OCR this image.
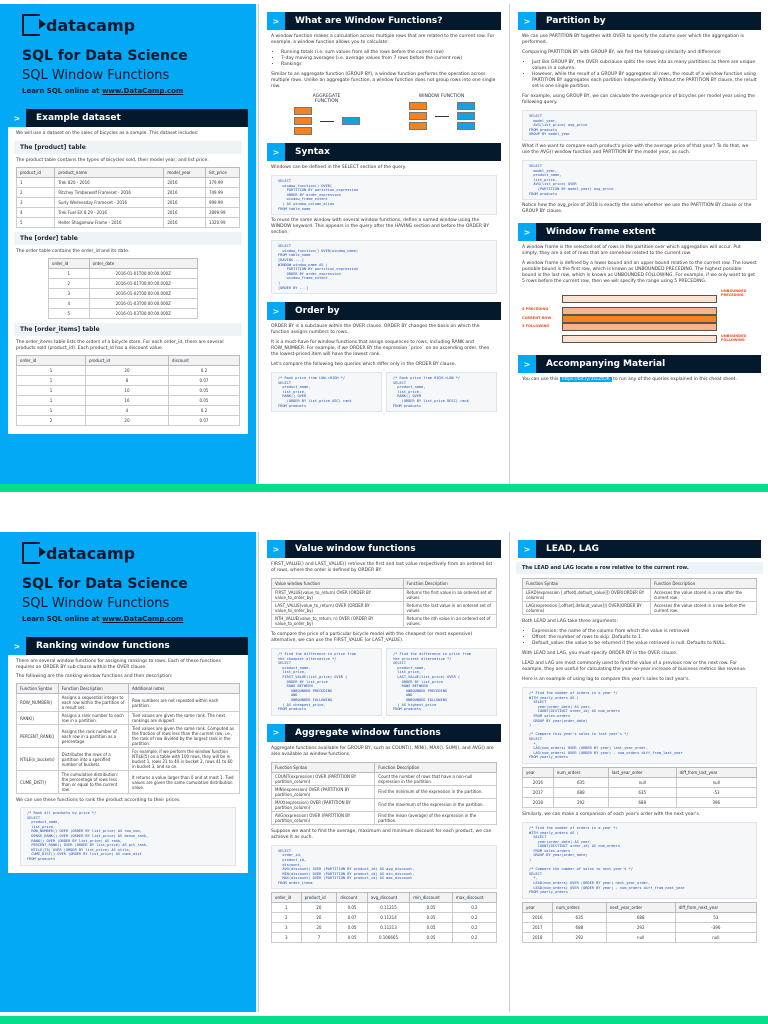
datacamp
SQL for Data Science
SQL Window Functions
Learn SQL online at www.DataCamp.com
>	Example dataset

We will use a dataset on the sales of bicycles as a sample. This dataset includes:

The [product] table

The product table contains the types of bicycles sold, their model year, and list price.

product_id	product_name	model_year	list_price
1	Trek 820 - 2016	2016	379.99
2	Ritchey Timberwolf Frameset - 2016	2016	749.99
3	Surly Wednesday Frameset - 2016	2016	999.99
4	Trek Fuel EX 8 29 - 2016	2016	2899.99
5	Heller Shagamaw Frame - 2016	2016	1320.99
The [order] table

The order table contains the order_id and its date.

order_id	order_date
1	2016-01-01T00:00:00.000Z
2	2016-01-01T00:00:00.000Z
3	2016-01-02T00:00:00.000Z
4	2016-01-03T00:00:00.000Z
5	2016-01-03T00:00:00.000Z
The [order_items] table

The order_items table lists the orders of a bicycle store. For each order_id, there are several products sold (product_id). Each product_id has a discount value.

order_id	product_id	discount
1	20	0.2
1	8	0.07
1	10	0.05
1	16	0.05
1	4	0.2
2	20	0.07
>	What are Window Functions?

A window function makes a calculation across multiple rows that are related to the current row. For example, a window function allows you to calculate:

• Running totals (i.e. sum values from all the rows before the current row)
• 7-day moving averages (i.e. average values from 7 rows before the current row)
• Rankings

Similar to an aggregate function (GROUP BY), a window function performs the operation across multiple rows. Unlike an aggregate function, a window function does not group rows into one single row.

AGGREGATE FUNCTION
WINDOW FUNCTION
>	Syntax

Windows can be defined in the SELECT section of the query.

SELECT
window_function() OVER(
PARTITION BY partition_expression
ORDER BY order_expression
window_frame_extent
) AS window_column_alias
FROM table_name

To reuse the same window with several window functions, define a named window using the WINDOW keyword. This appears in the query after the HAVING section and before the ORDER BY section.

SELECT
window_function() OVER(window_name)
FROM table_name
[HAVING ...]
WINDOW window_name AS (
PARTITION BY partition_expression
ORDER BY order_expression
window_frame_extent
)
[ORDER BY ...]
>	Order by

ORDER BY is a subclause within the OVER clause. ORDER BY changes the basis on which the function assigns numbers to rows.

It is a must-have for window functions that assign sequences to rows, including RANK and ROW_NUMBER. For example, if we ORDER BY the expression `price` on an ascending order, then the lowest-priced item will have the lowest rank.

Let's compare the following two queries which differ only in the ORDER BY clause.

/* Rank price from LOW->HIGH */
SELECT
product_name,
list_price,
RANK() OVER
(ORDER BY list_price ASC) rank
FROM products
/* Rank price from HIGH->LOW */
SELECT
product_name,
list_price,
RANK() OVER
(ORDER BY list_price DESC) rank
FROM products
>	Partition by

We can use PARTITION BY together with OVER to specify the column over which the aggregation is performed.

Comparing PARTITION BY with GROUP BY, we find the following similarity and difference:

• Just like GROUP BY, the OVER subclause splits the rows into as many partitions as there are unique values in a column.
• However, while the result of a GROUP BY aggregates all rows, the result of a window function using PARTITION BY aggregates each partition independently. Without the PARTITION BY clause, the result set is one single partition.

For example, using GROUP BY, we can calculate the average price of bicycles per model year using the following query.

SELECT
model_year,
AVG(list_price) avg_price
FROM products
GROUP BY model_year

What if we want to compare each product's price with the average price of that year? To do that, we use the AVG() window function and PARTITION BY the model year, as such.

SELECT
model_year,
product_name,
list_price,
AVG(list_price) OVER
(PARTITION BY model_year) avg_price
FROM products

Notice how the avg_price of 2018 is exactly the same whether we use the PARTITION BY clause or the GROUP BY clause.

>	Window frame extent

A window frame is the selected set of rows in the partition over which aggregation will occur. Put simply, they are a set of rows that are somehow related to the current row.

A window frame is defined by a lower bound and an upper bound relative to the current row. The lowest possible bound is the first row, which is known as UNBOUNDED PRECEDING. The highest possible bound is the last row, which is known as UNBOUNDED FOLLOWING. For example, if we only want to get 5 rows before the current row, then we will specify the range using 5 PRECEDING.

UNBOUNDED PRECEDING
5 PRECEDING
CURRENT ROW
5 FOLLOWING
UNBOUNDED FOLLOWING
>	Accompanying Material

You can use this https://bit.ly/3scZtOK to run any of the queries explained in this cheat sheet.

datacamp
SQL for Data Science
SQL Window Functions
Learn SQL online at www.DataCamp.com
>	Ranking window functions

There are several window functions for assigning rankings to rows. Each of these functions requires an ORDER BY sub-clause within the OVER clause.

The following are the ranking window functions and their description:

Function Syntax	Function Description	Additional notes
ROW_NUMBER()	Assigns a sequential integer to each row within the partition of a result set.	Row numbers are not repeated within each partition.
RANK()	Assigns a rank number to each row in a partition.	Tied values are given the same rank. The next rankings are skipped.
PERCENT_RANK()	Assigns the rank number of each row in a partition as a percentage.	Tied values are given the same rank. Computed as the fraction of rows less than the current row, i.e., the rank of row divided by the largest rank in the partition.
NTILE(n_buckets)	Distributes the rows of a partition into a specified number of buckets.	For example, if we perform the window function NTILE(5) on a table with 100 rows, they will be in bucket 1, rows 21 to 40 in bucket 2, rows 41 to 60 in bucket 3, and so on.
CUME_DIST()	The cumulative distribution: the percentage of rows less than or equal to the current row.	It returns a value larger than 0 and at most 1. Tied values are given the same cumulative distribution value.

We can use these functions to rank the product according to their prices.

/* Rank all products by price */
SELECT
product_name,
list_price,
ROW_NUMBER() OVER (ORDER BY list_price) AS row_num,
DENSE_RANK() OVER (ORDER BY list_price) AS dense_rank,
RANK() OVER (ORDER BY list_price) AS rank,
PERCENT_RANK() OVER (ORDER BY list_price) AS pct_rank,
NTILE(75) OVER (ORDER BY list_price) AS ntile,
CUME_DIST() OVER (ORDER BY list_price) AS cume_dist
FROM products
>	Value window functions

FIRST_VALUE() and LAST_VALUE() retrieve the first and last value respectively from an ordered list of rows, where the order is defined by ORDER BY.

Value window function	Function Description
FIRST_VALUE(value_to_return) OVER (ORDER BY value_to_order_by)	Returns the first value in an ordered set of values
LAST_VALUE(value_to_return) OVER (ORDER BY value_to_order_by)	Returns the last value in an ordered set of values
NTH_VALUE(value_to_return, n) OVER (ORDER BY value_to_order_by)	Returns the nth value in an ordered set of values.

To compare the price of a particular bicycle model with the cheapest (or most expensive) alternative, we can use the FIRST_VALUE (or LAST_VALUE).

/* Find the difference in price from
the cheapest alternative */
SELECT
product_name,
list_price,
FIRST_VALUE(list_price) OVER (
ORDER BY list_price
ROWS BETWEEN
UNBOUNDED PRECEDING
AND
UNBOUNDED FOLLOWING
) AS cheapest_price,
FROM products
/* Find the difference in price from
the priciest alternative */
SELECT
product_name,
list_price,
LAST_VALUE(list_price) OVER (
ORDER BY list_price
ROWS BETWEEN
UNBOUNDED PRECEDING
AND
UNBOUNDED FOLLOWING
) AS highest_price
FROM products
>	Aggregate window functions

Aggregate functions available for GROUP BY, such as COUNT(), MIN(), MAX(), SUM(), and AVG() are also available as window functions.

Function Syntax	Function Description
COUNT(expression) OVER (PARTITION BY partition_column)	Count the number of rows that have a non-null expression in the partition.
MIN(expression) OVER (PARTITION BY partition_column)	Find the minimum of the expression in the partition.
MAX(expression) OVER (PARTITION BY partition_column)	Find the maximum of the expression in the partition.
AVG(expression) OVER (PARTITION BY partition_column)	Find the mean (average) of the expression in the partition.

Suppose we want to find the average, maximum and minimum discount for each product, we can achieve it as such.

SELECT
order_id,
product_id,
discount,
AVG(discount) OVER (PARTITION BY product_id) AS avg_discount,
MIN(discount) OVER (PARTITION BY product_id) AS min_discount,
MAX(discount) OVER (PARTITION BY product_id) AS max_discount
FROM order_items
order_id	product_id	discount	avg_discount	min_discount	max_discount
1	20	0.05	0.11215	0.05	0.2
2	20	0.07	0.11214	0.05	0.2
3	20	0.05	0.11213	0.05	0.2
3	7	0.05	0.106665	0.05	0.2
>	LEAD, LAG
The LEAD and LAG locate a row relative to the current row.
Function Syntax	Function Description
LEAD(expression [,offset[,default_value]]) OVER(ORDER BY columns)	Accesses the value stored in a row after the current row.
LAG(expression [,offset[,default_value]]) OVER(ORDER BY columns)	Accesses the value stored in a row before the current row.

Both LEAD and LAG take three arguments:

• Expression: the name of the column from which the value is retrieved
• Offset: the number of rows to skip. Defaults to 1.
• Default_value: the value to be returned if the value retrieved is null. Defaults to NULL.

With LEAD and LAG, you must specify ORDER BY in the OVER clause.

LEAD and LAG are most commonly used to find the value of a previous row or the next row. For example, they are useful for calculating the year-on-year increase of business metrics like revenue.

Here is an example of using lag to compare this year's sales to last year's.

/* Find the number of orders in a year */
WITH yearly_orders AS (
SELECT
year(order_date) AS year,
COUNT(DISTINCT order_id) AS num_orders
FROM sales.orders
GROUP BY year(order_date)
)

/* Compare this year's sales to last year's */
SELECT
*,
LAG(num_orders) OVER (ORDER BY year) last_year_order,
LAG(num_orders) OVER (ORDER BY year) - num_orders diff_from_last_year
FROM yearly_orders
year	num_orders	last_year_order	diff_from_last_year
2016	635	null	null
2017	688	635	-53
2018	292	688	396

Similarly, we can make a comparison of each year's order with the next year's.

/* Find the number of orders in a year */
WITH yearly_orders AS (
SELECT
year(order_date) AS year,
COUNT(DISTINCT order_id) AS num_orders
FROM sales.orders
GROUP BY year(order_date)
)

/* Compare the number of sales to next year's */
SELECT
*,
LEAD(num_orders) OVER (ORDER BY year) next_year_order,
LEAD(num_orders) OVER (ORDER BY year) - num_orders diff_from_next_year
FROM yearly_orders
year	num_orders	next_year_order	diff_from_next_year
2016	635	688	53
2017	688	292	-396
2018	292	null	null
